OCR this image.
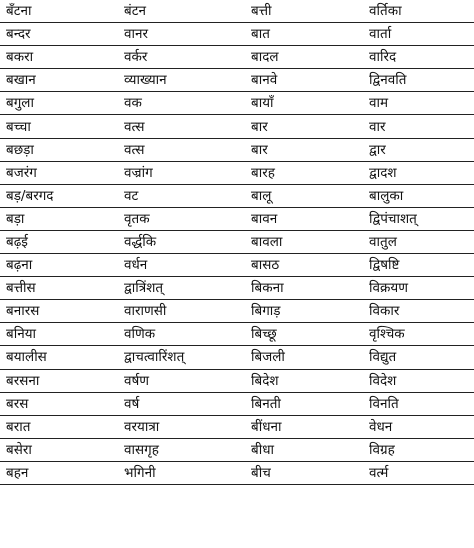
बँटना	बंटन	बत्ती	वर्तिका
बन्दर	वानर	बात	वार्ता
बकरा	वर्कर	बादल	वारिद
बखान	व्याख्यान	बानवे	द्विनवति
बगुला	वक	बायाँ	वाम
बच्चा	वत्स	बार	वार
बछड़ा	वत्स	बार	द्वार
बजरंग	वज्रांग	बारह	द्वादश
बड़/बरगद	वट	बालू	बालुका
बड़ा	वृतक	बावन	द्विपंचाशत्
बढ़ई	वर्द्धकि	बावला	वातुल
बढ़ना	वर्धन	बासठ	द्विषष्टि
बत्तीस	द्वात्रिंशत्	बिकना	विक्रयण
बनारस	वाराणसी	बिगाड़	विकार
बनिया	वणिक	बिच्छू	वृश्चिक
बयालीस	द्वाचत्वारिंशत्	बिजली	विद्युत
बरसना	वर्षण	बिदेश	विदेश
बरस	वर्ष	बिनती	विनति
बरात	वरयात्रा	बींधना	वेधन
बसेरा	वासगृह	बीधा	विग्रह
बहन	भगिनी	बीच	वर्त्म
